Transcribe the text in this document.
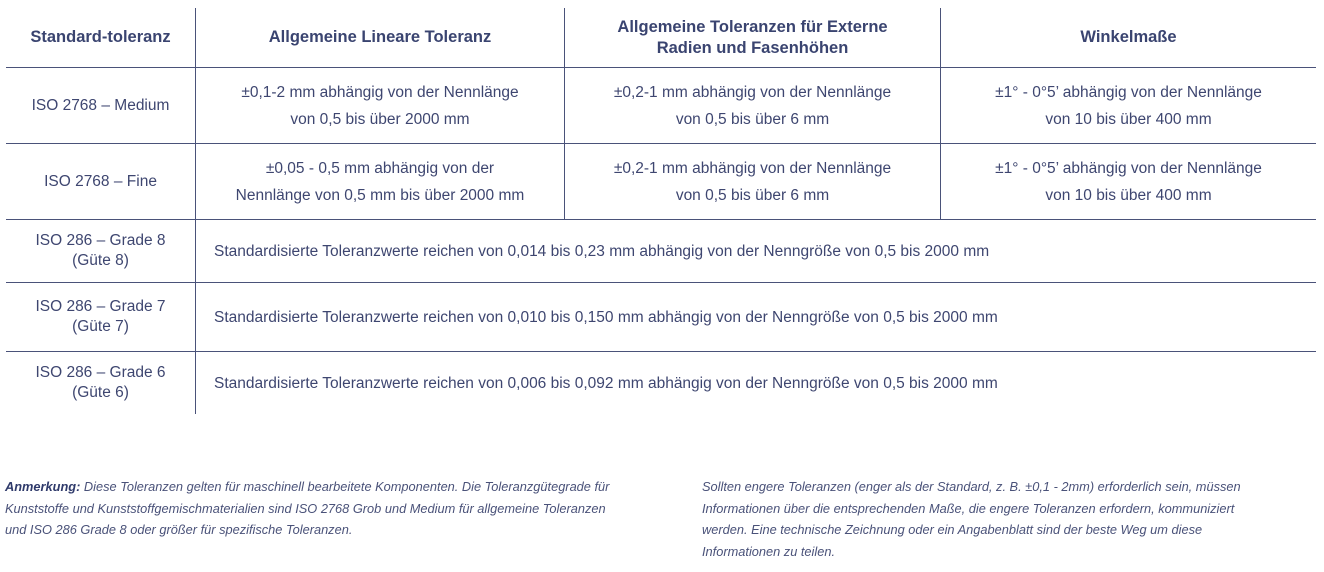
Standard-toleranz	Allgemeine Lineare Toleranz
Allgemeine Toleranzen für Externe
Radien und Fasenhöhen
Winkelmaße
ISO 2768 – Medium
±0,1-2 mm abhängig von der Nennlänge
von 0,5 bis über 2000 mm
±0,2-1 mm abhängig von der Nennlänge
von 0,5 bis über 6 mm
±1° - 0°5’ abhängig von der Nennlänge
von 10 bis über 400 mm
ISO 2768 – Fine
±0,05 - 0,5 mm abhängig von der
Nennlänge von 0,5 mm bis über 2000 mm
±0,2-1 mm abhängig von der Nennlänge
von 0,5 bis über 6 mm
±1° - 0°5’ abhängig von der Nennlänge
von 10 bis über 400 mm
ISO 286 – Grade 8
(Güte 8)
Standardisierte Toleranzwerte reichen von 0,014 bis 0,23 mm abhängig von der Nenngröße von 0,5 bis 2000 mm
ISO 286 – Grade 7
(Güte 7)
Standardisierte Toleranzwerte reichen von 0,010 bis 0,150 mm abhängig von der Nenngröße von 0,5 bis 2000 mm
ISO 286 – Grade 6
(Güte 6)
Standardisierte Toleranzwerte reichen von 0,006 bis 0,092 mm abhängig von der Nenngröße von 0,5 bis 2000 mm
Anmerkung: Diese Toleranzen gelten für maschinell bearbeitete Komponenten. Die Toleranzgütegrade für
Kunststoffe und Kunststoffgemischmaterialien sind ISO 2768 Grob und Medium für allgemeine Toleranzen
und ISO 286 Grade 8 oder größer für spezifische Toleranzen.
Sollten engere Toleranzen (enger als der Standard, z. B. ±0,1 - 2mm) erforderlich sein, müssen
Informationen über die entsprechenden Maße, die engere Toleranzen erfordern, kommuniziert
werden. Eine technische Zeichnung oder ein Angabenblatt sind der beste Weg um diese
Informationen zu teilen.
